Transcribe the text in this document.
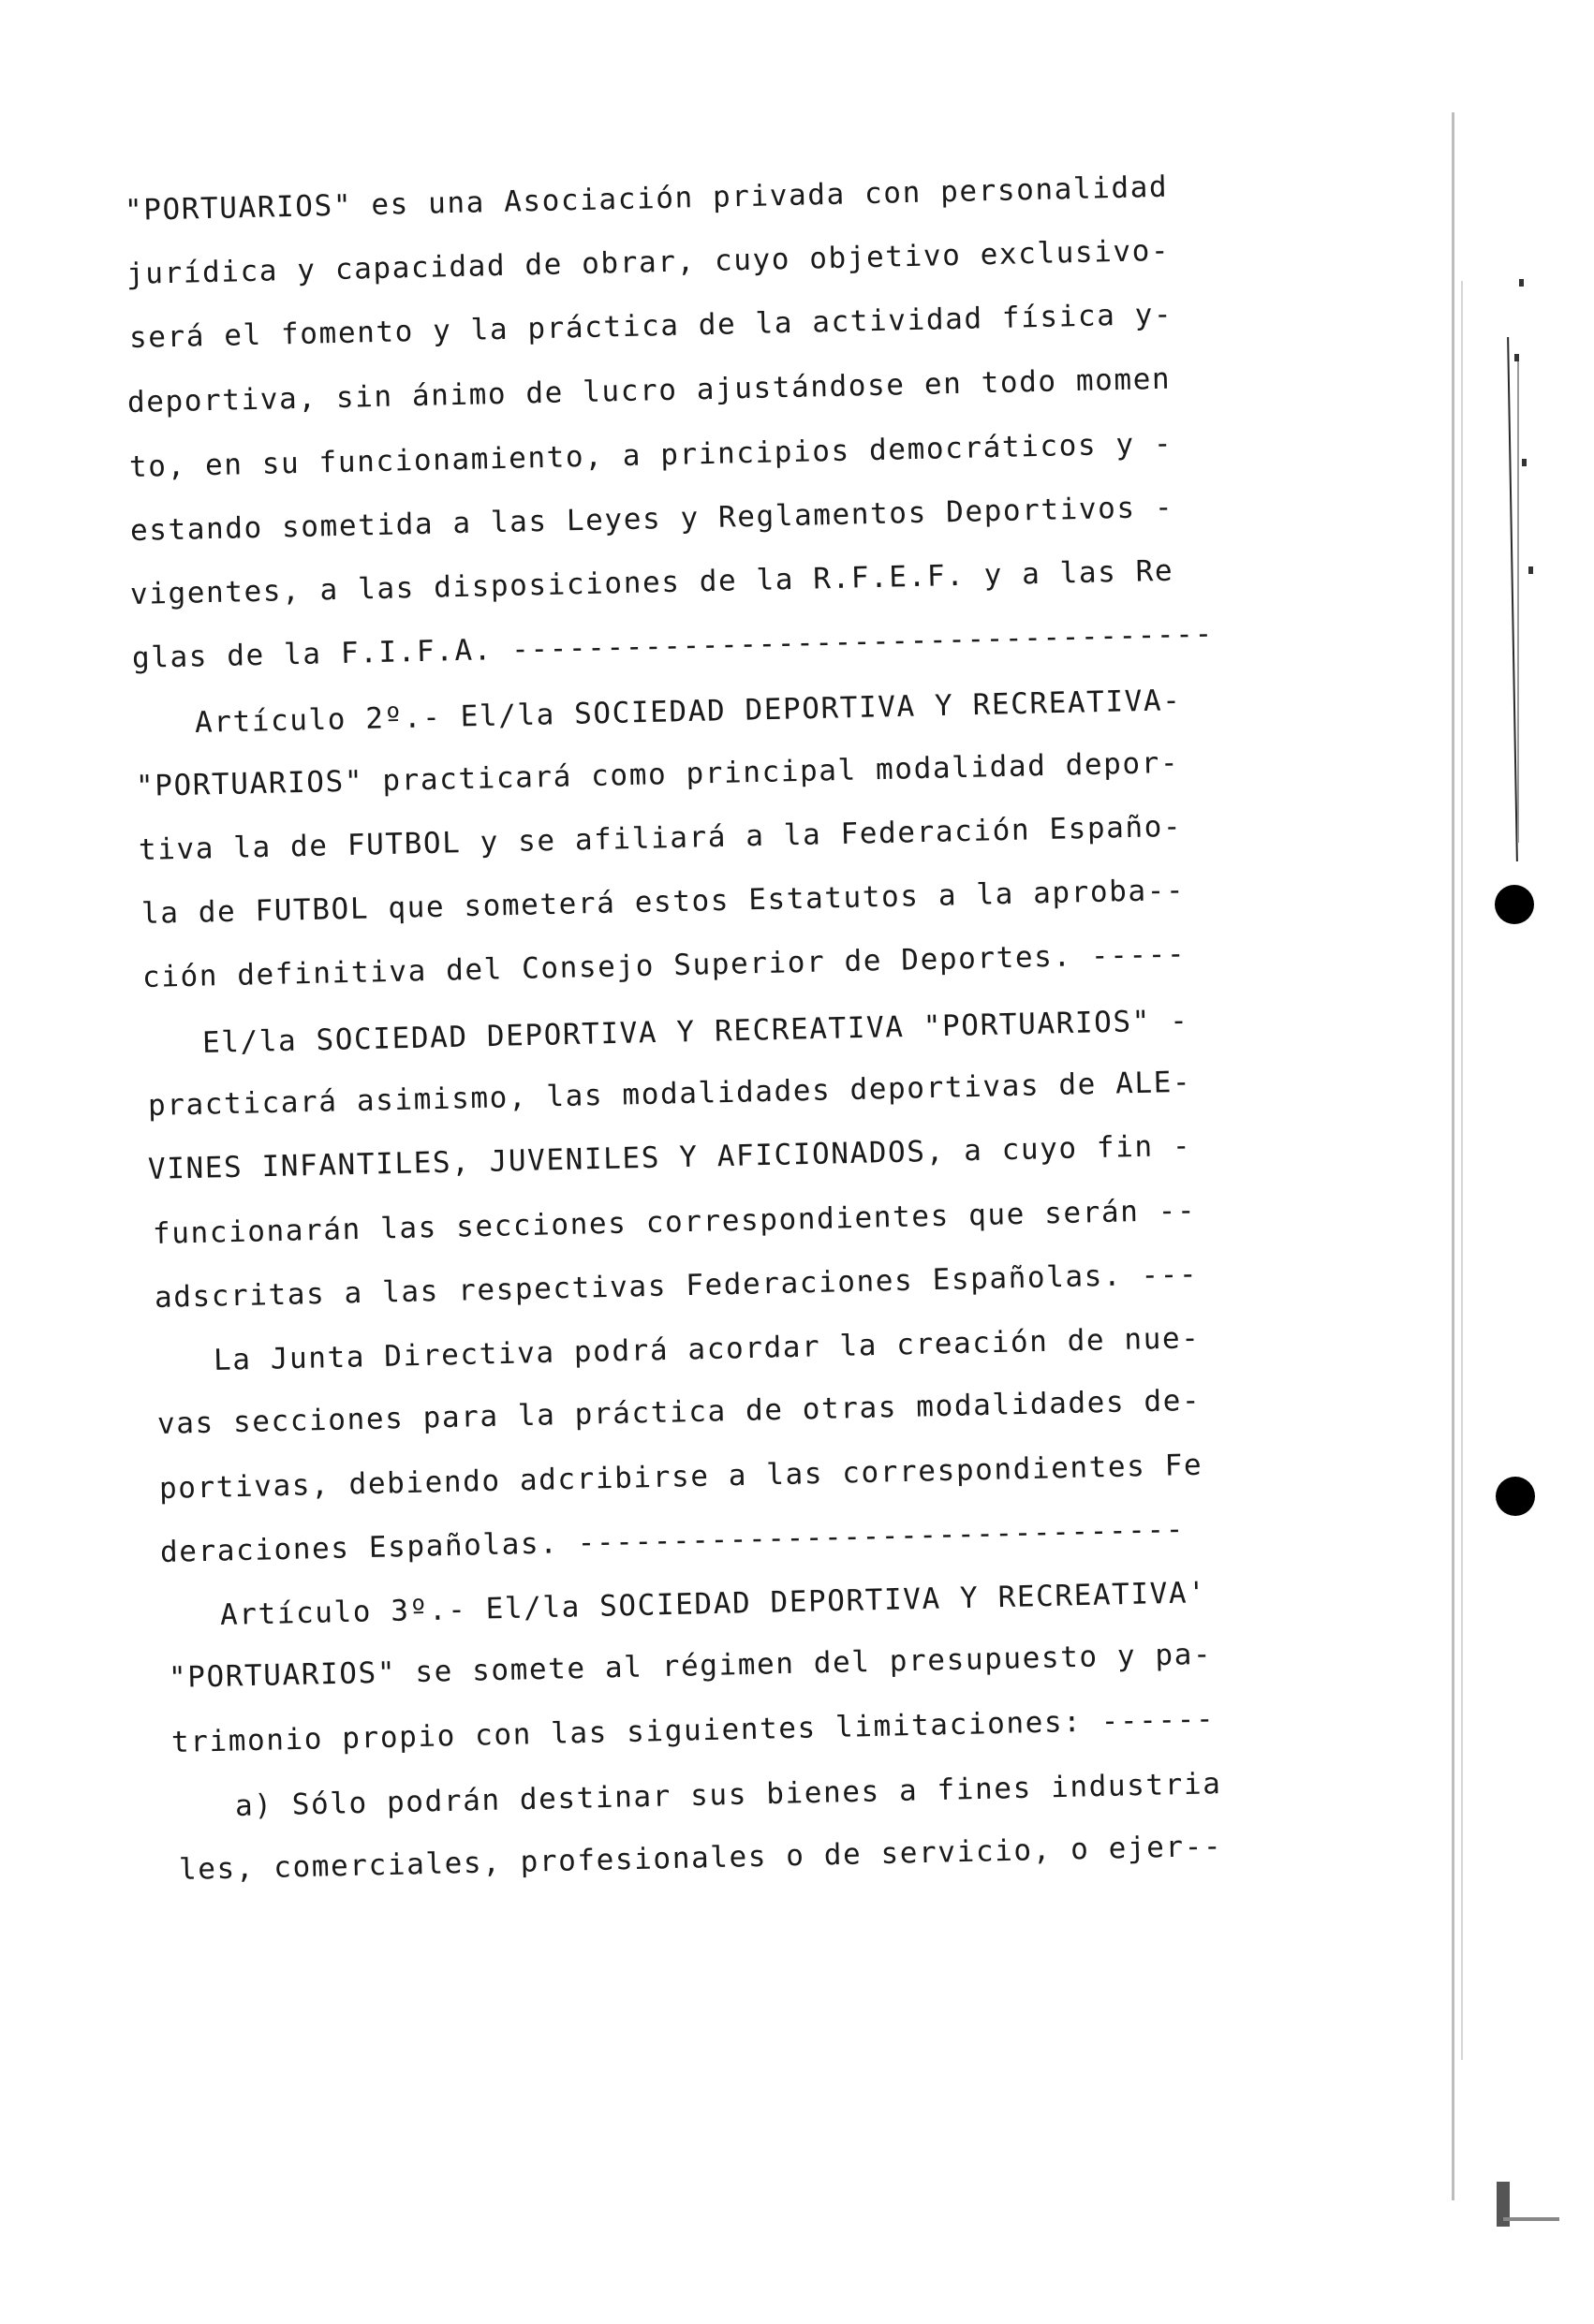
"PORTUARIOS" es una Asociación privada con personalidad
jurídica y capacidad de obrar, cuyo objetivo exclusivo-
será el fomento y la práctica de la actividad física y-
deportiva, sin ánimo de lucro ajustándose en todo momen
to, en su funcionamiento, a principios democráticos y -
estando sometida a las Leyes y Reglamentos Deportivos -
vigentes, a las disposiciones de la R.F.E.F. y a las Re
glas de la F.I.F.A. -------------------------------------
Artículo 2º.- El/la SOCIEDAD DEPORTIVA Y RECREATIVA-
"PORTUARIOS" practicará como principal modalidad depor-
tiva la de FUTBOL y se afiliará a la Federación Españo-
la de FUTBOL que someterá estos Estatutos a la aproba--
ción definitiva del Consejo Superior de Deportes. -----
El/la SOCIEDAD DEPORTIVA Y RECREATIVA "PORTUARIOS" -
practicará asimismo, las modalidades deportivas de ALE-
VINES INFANTILES, JUVENILES Y AFICIONADOS, a cuyo fin -
funcionarán las secciones correspondientes que serán --
adscritas a las respectivas Federaciones Españolas. ---
La Junta Directiva podrá acordar la creación de nue-
vas secciones para la práctica de otras modalidades de-
portivas, debiendo adcribirse a las correspondientes Fe
deraciones Españolas. --------------------------------
Artículo 3º.- El/la SOCIEDAD DEPORTIVA Y RECREATIVA'
"PORTUARIOS" se somete al régimen del presupuesto y pa-
trimonio propio con las siguientes limitaciones: ------
a) Sólo podrán destinar sus bienes a fines industria
les, comerciales, profesionales o de servicio, o ejer--
